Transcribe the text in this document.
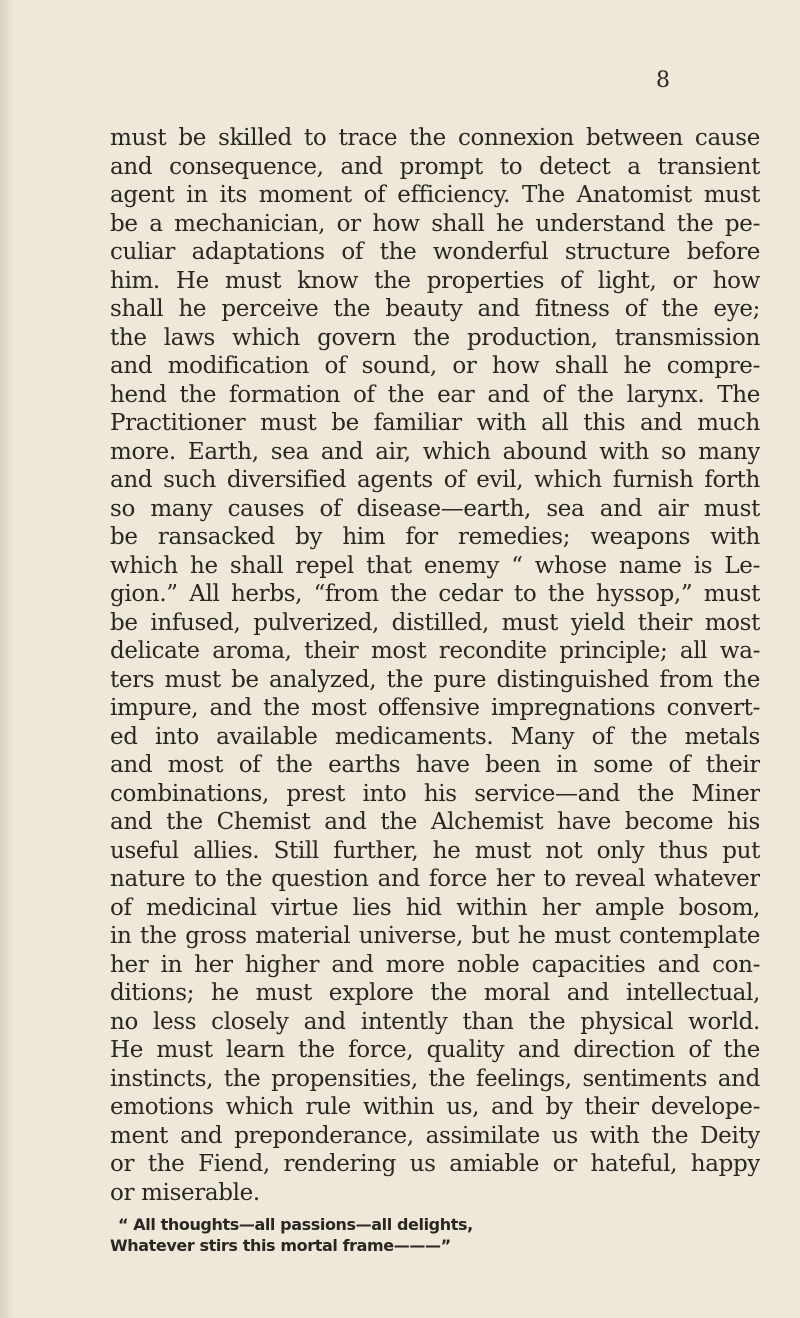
8
must be skilled to trace the connexion between cause
and consequence, and prompt to detect a transient
agent in its moment of efficiency. The Anatomist must
be a mechanician, or how shall he understand the pe-
culiar adaptations of the wonderful structure before
him. He must know the properties of light, or how
shall he perceive the beauty and fitness of the eye;
the laws which govern the production, transmission
and modification of sound, or how shall he compre-
hend the formation of the ear and of the larynx. The
Practitioner must be familiar with all this and much
more. Earth, sea and air, which abound with so many
and such diversified agents of evil, which furnish forth
so many causes of disease—earth, sea and air must
be ransacked by him for remedies; weapons with
which he shall repel that enemy “ whose name is Le-
gion.” All herbs, “from the cedar to the hyssop,” must
be infused, pulverized, distilled, must yield their most
delicate aroma, their most recondite principle; all wa-
ters must be analyzed, the pure distinguished from the
impure, and the most offensive impregnations convert-
ed into available medicaments. Many of the metals
and most of the earths have been in some of their
combinations, prest into his service—and the Miner
and the Chemist and the Alchemist have become his
useful allies. Still further, he must not only thus put
nature to the question and force her to reveal whatever
of medicinal virtue lies hid within her ample bosom,
in the gross material universe, but he must contemplate
her in her higher and more noble capacities and con-
ditions; he must explore the moral and intellectual,
no less closely and intently than the physical world.
He must learn the force, quality and direction of the
instincts, the propensities, the feelings, sentiments and
emotions which rule within us, and by their develope-
ment and preponderance, assimilate us with the Deity
or the Fiend, rendering us amiable or hateful, happy
or miserable.
“ All thoughts—all passions—all delights,
Whatever stirs this mortal frame———”
